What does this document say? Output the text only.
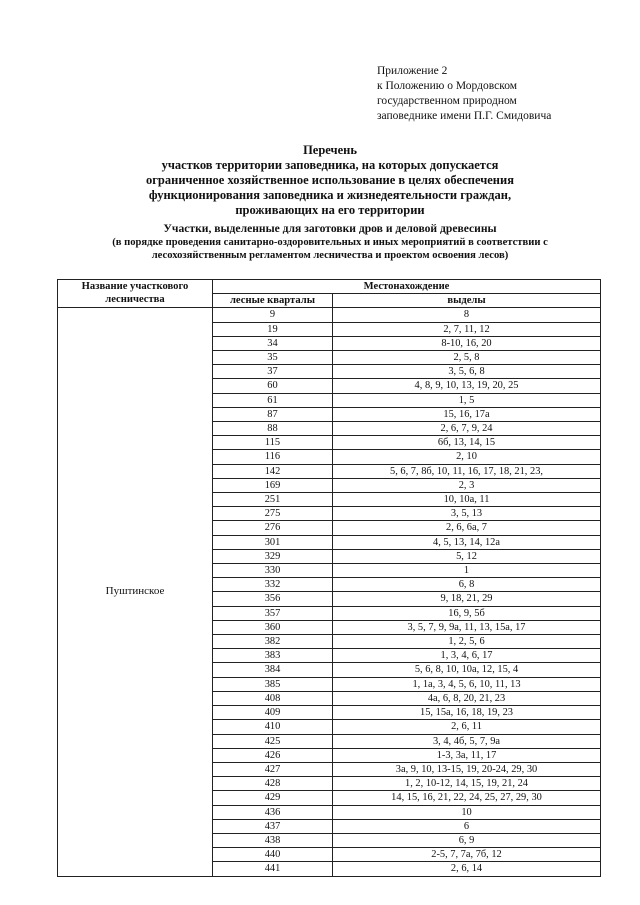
Приложение 2
к Положению о Мордовском
государственном природном
заповеднике имени П.Г. Смидовича
Перечень
участков территории заповедника, на которых допускается
ограниченное хозяйственное использование в целях обеспечения
функционирования заповедника и жизнедеятельности граждан,
проживающих на его территории
Участки, выделенные для заготовки дров и деловой древесины
(в порядке проведения санитарно-оздоровительных и иных мероприятий в соответствии с
лесохозяйственным регламентом лесничества и проектом освоения лесов)
Название участкового лесничества	Местонахождение	
	лесные кварталы	выделы
Пуштинское	9	8
	19	2, 7, 11, 12
	34	8-10, 16, 20
	35	2, 5, 8
	37	3, 5, 6, 8
	60	4, 8, 9, 10, 13, 19, 20, 25
	61	1, 5
	87	15, 16, 17а
	88	2, 6, 7, 9, 24
	115	6б, 13, 14, 15
	116	2, 10
	142	5, 6, 7, 8б, 10, 11, 16, 17, 18, 21, 23,
	169	2, 3
	251	10, 10а, 11
	275	3, 5, 13
	276	2, 6, 6а, 7
	301	4, 5, 13, 14, 12а
	329	5, 12
	330	1
	332	6, 8
	356	9, 18, 21, 29
	357	16, 9, 5б
	360	3, 5, 7, 9, 9а, 11, 13, 15а, 17
	382	1, 2, 5, 6
	383	1, 3, 4, 6, 17
	384	5, 6, 8, 10, 10а, 12, 15, 4
	385	1, 1а, 3, 4, 5, 6, 10, 11, 13
	408	4а, 6, 8, 20, 21, 23
	409	15, 15а, 16, 18, 19, 23
	410	2, 6, 11
	425	3, 4, 4б, 5, 7, 9а
	426	1-3, 3а, 11, 17
	427	3а, 9, 10, 13-15, 19, 20-24, 29, 30
	428	1, 2, 10-12, 14, 15, 19, 21, 24
	429	14, 15, 16, 21, 22, 24, 25, 27, 29, 30
	436	10
	437	6
	438	6, 9
	440	2-5, 7, 7а, 7б, 12
	441	2, 6, 14
